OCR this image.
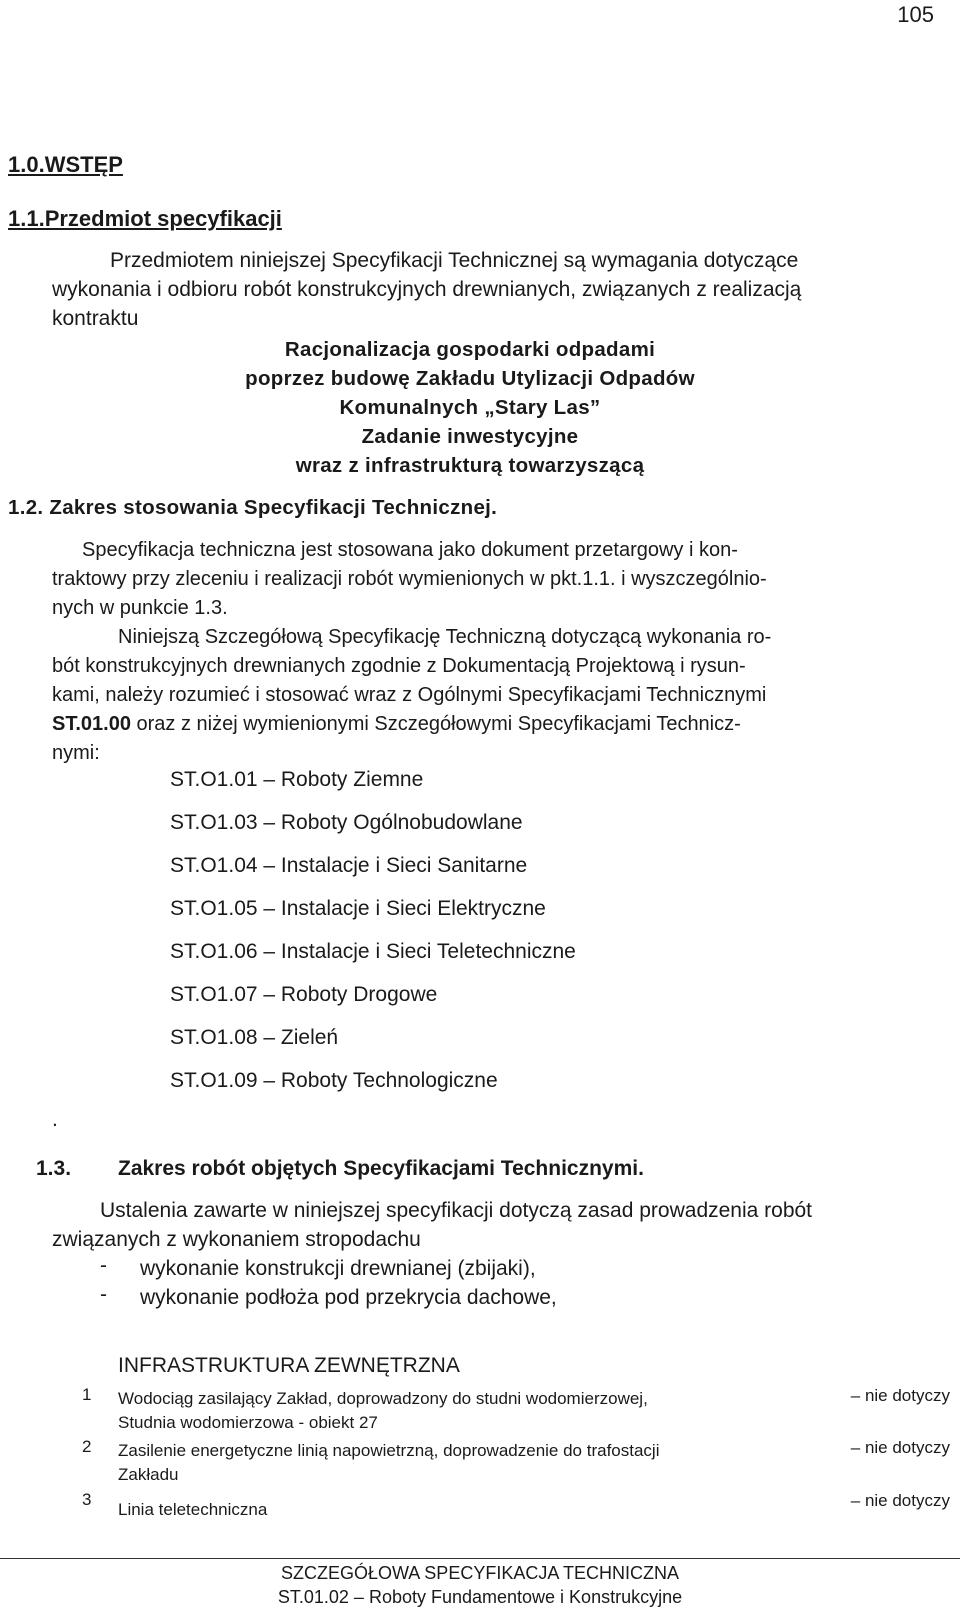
105
1.0.WSTĘP
1.1.Przedmiot specyfikacji
Przedmiotem niniejszej Specyfikacji Technicznej są wymagania dotyczące
wykonania i odbioru robót konstrukcyjnych drewnianych, związanych z realizacją
kontraktu
Racjonalizacja gospodarki odpadami
poprzez budowę Zakładu Utylizacji Odpadów
Komunalnych „Stary Las”
Zadanie inwestycyjne
wraz z infrastrukturą towarzyszącą
1.2. Zakres stosowania Specyfikacji Technicznej.
Specyfikacja techniczna jest stosowana jako dokument przetargowy i kon-
traktowy przy zleceniu i realizacji robót wymienionych w pkt.1.1. i wyszczególnio-
nych w punkcie 1.3.
Niniejszą Szczegółową Specyfikację Techniczną dotyczącą wykonania ro-
bót konstrukcyjnych drewnianych zgodnie z Dokumentacją Projektową i rysun-
kami, należy rozumieć i stosować wraz z Ogólnymi Specyfikacjami Technicznymi
ST.01.00 oraz z niżej wymienionymi Szczegółowymi Specyfikacjami Technicz-
nymi:
ST.O1.01 – Roboty Ziemne
ST.O1.03 – Roboty Ogólnobudowlane
ST.O1.04 – Instalacje i Sieci Sanitarne
ST.O1.05 – Instalacje i Sieci Elektryczne
ST.O1.06 – Instalacje i Sieci Teletechniczne
ST.O1.07 – Roboty Drogowe
ST.O1.08 – Zieleń
ST.O1.09 – Roboty Technologiczne
.
1.3. Zakres robót objętych Specyfikacjami Technicznymi.
Ustalenia zawarte w niniejszej specyfikacji dotyczą zasad prowadzenia robót
związanych z wykonaniem stropodachu
- wykonanie konstrukcji drewnianej (zbijaki),
- wykonanie podłoża pod przekrycia dachowe,
INFRASTRUKTURA ZEWNĘTRZNA
1 Wodociąg zasilający Zakład, doprowadzony do studni wodomierzowej,
Studnia wodomierzowa - obiekt 27
– nie dotyczy
2 Zasilenie energetyczne linią napowietrzną, doprowadzenie do trafostacji
Zakładu
– nie dotyczy
3
Linia teletechniczna	– nie dotyczy
SZCZEGÓŁOWA SPECYFIKACJA TECHNICZNA
ST.01.02 – Roboty Fundamentowe i Konstrukcyjne
